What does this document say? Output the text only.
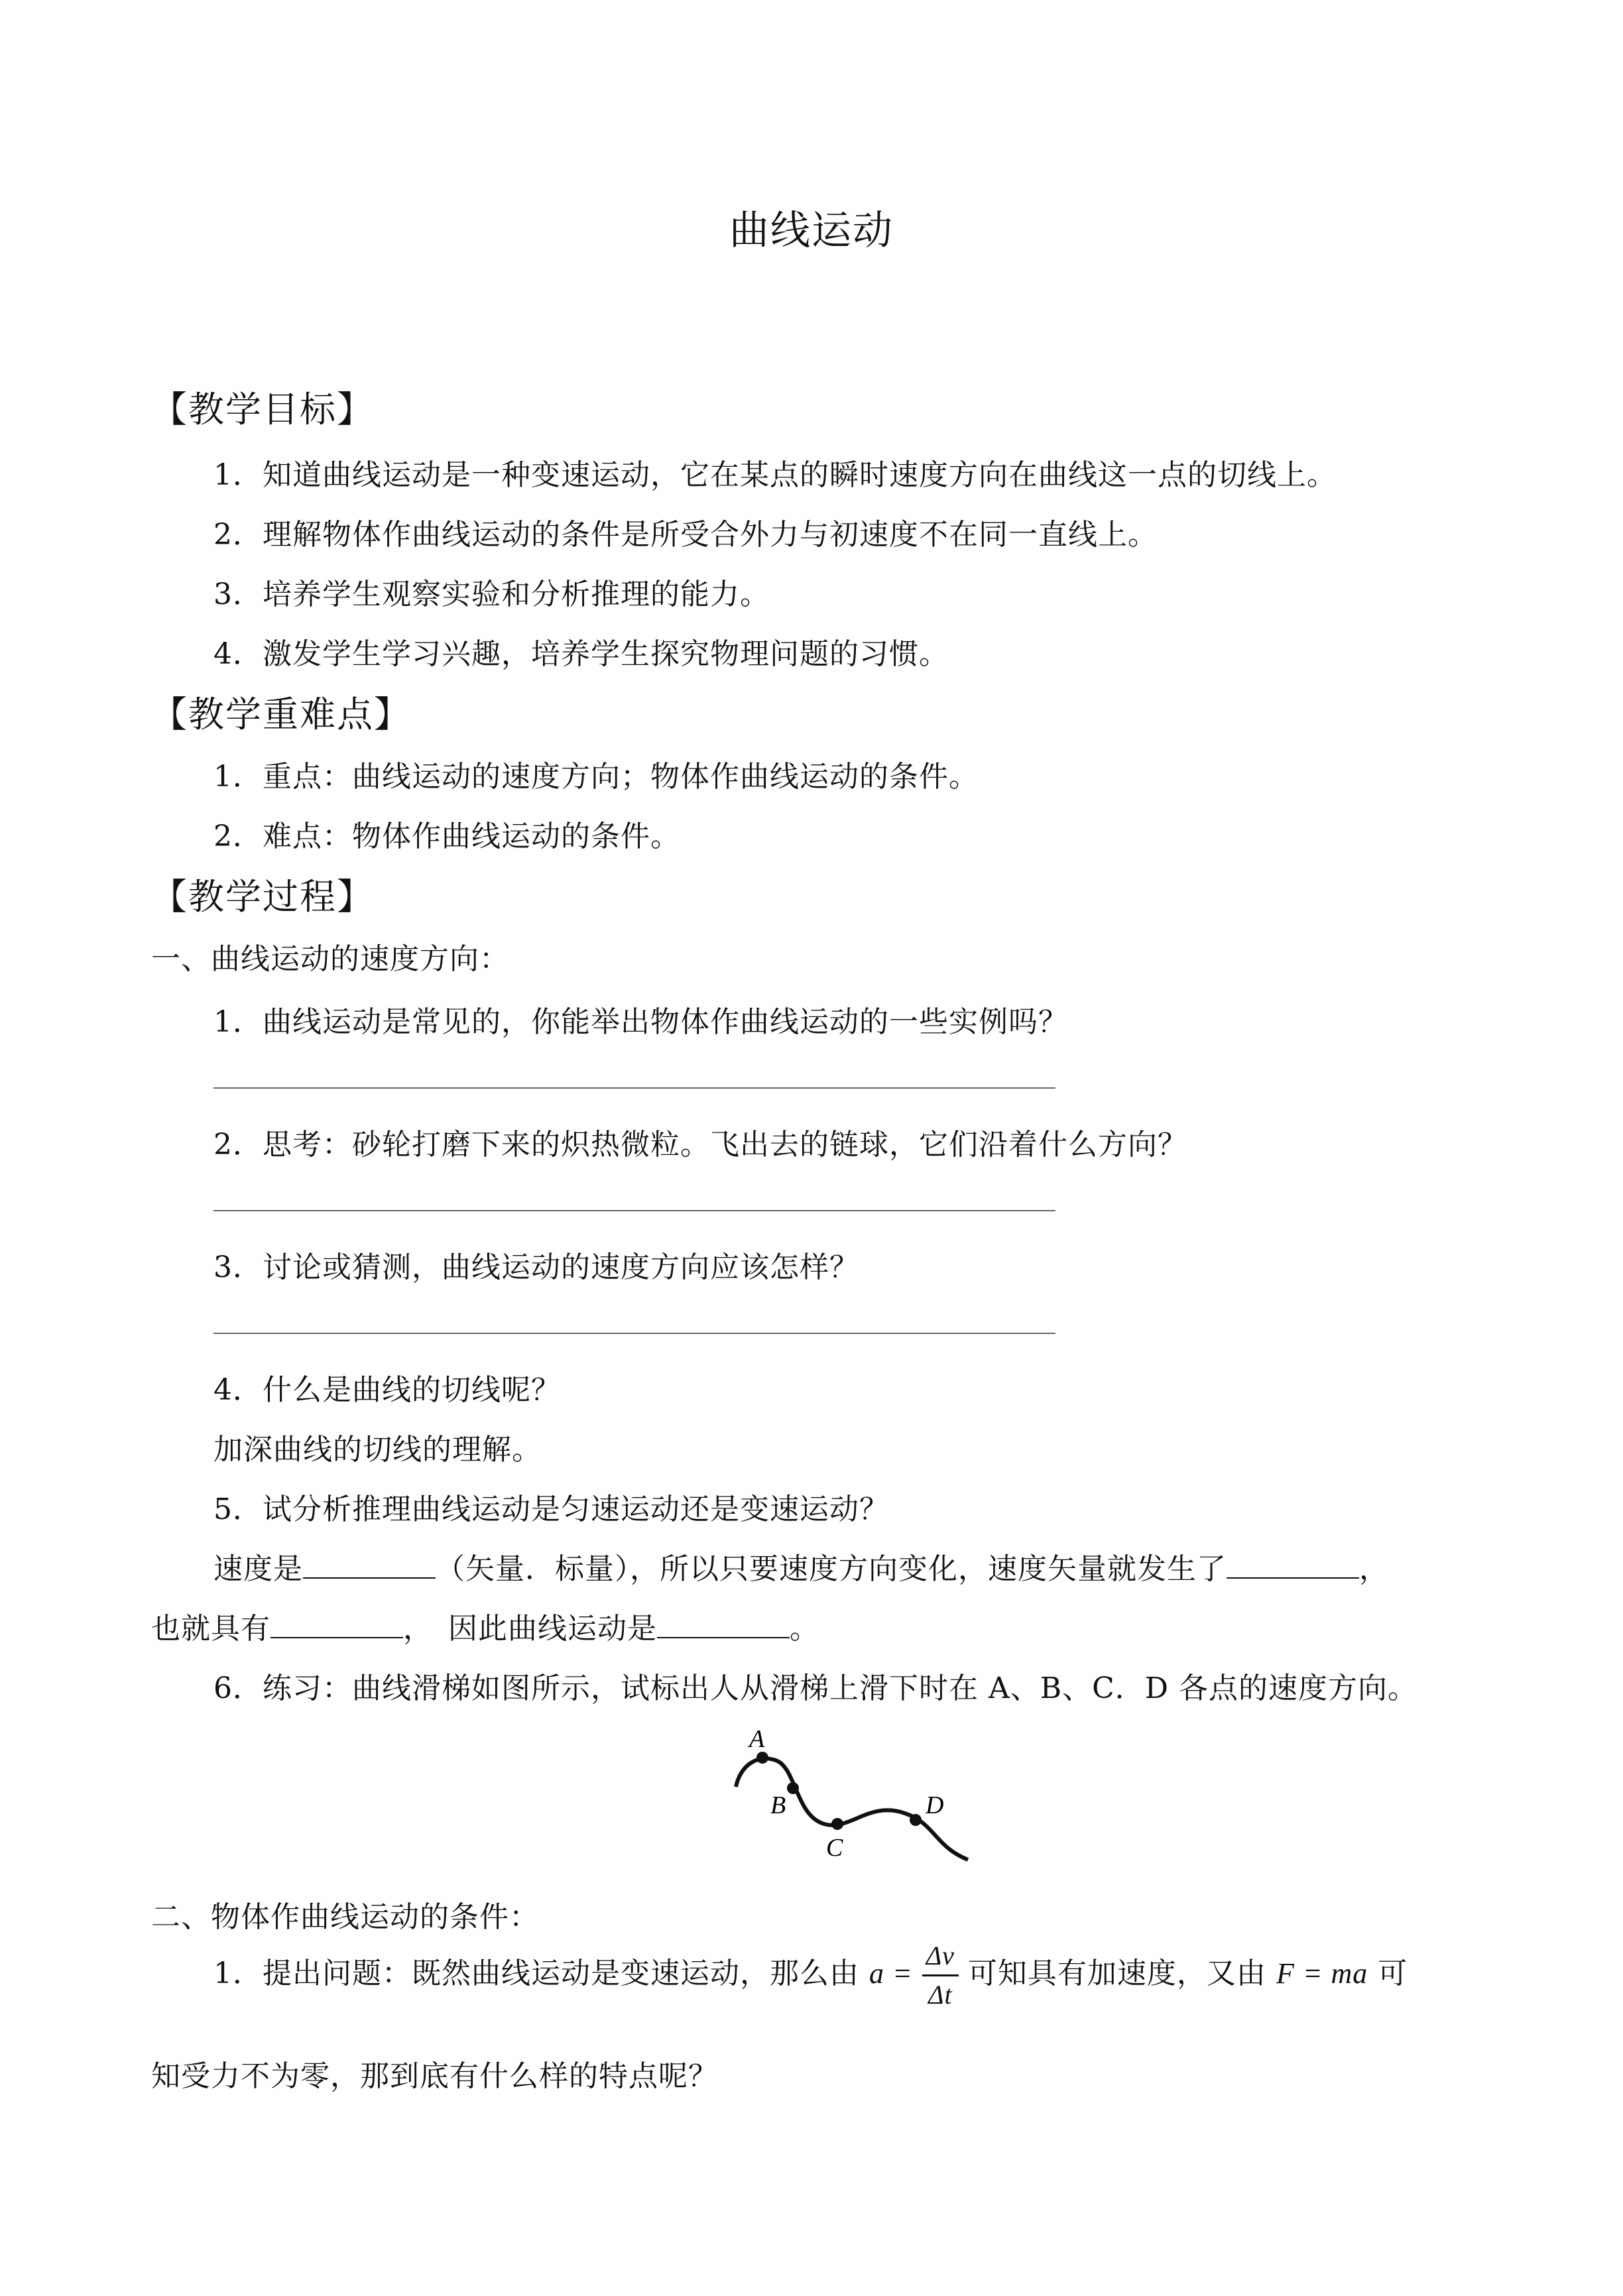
曲线运动
【教学目标】
1．知道曲线运动是一种变速运动，它在某点的瞬时速度方向在曲线这一点的切线上。
2．理解物体作曲线运动的条件是所受合外力与初速度不在同一直线上。
3．培养学生观察实验和分析推理的能力。
4．激发学生学习兴趣，培养学生探究物理问题的习惯。
【教学重难点】
1．重点：曲线运动的速度方向；物体作曲线运动的条件。
2．难点：物体作曲线运动的条件。
【教学过程】
一、曲线运动的速度方向：
1．曲线运动是常见的，你能举出物体作曲线运动的一些实例吗？
2．思考：砂轮打磨下来的炽热微粒。飞出去的链球，它们沿着什么方向？
3．讨论或猜测，曲线运动的速度方向应该怎样？
4．什么是曲线的切线呢？
加深曲线的切线的理解。
5．试分析推理曲线运动是匀速运动还是变速运动？
速度是	（矢量．标量），所以只要速度方向变化，速度矢量就发生了	，
也就具有	，　因此曲线运动是	。
6．练习：曲线滑梯如图所示，试标出人从滑梯上滑下时在 A、B、C．D 各点的速度方向。
A
B
C
D
二、物体作曲线运动的条件：
1．提出问题：既然曲线运动是变速运动，那么由 $a = \frac{\Delta v}{\Delta t}$ 可知具有加速度，又由 F = ma 可
知受力不为零，那到底有什么样的特点呢？
